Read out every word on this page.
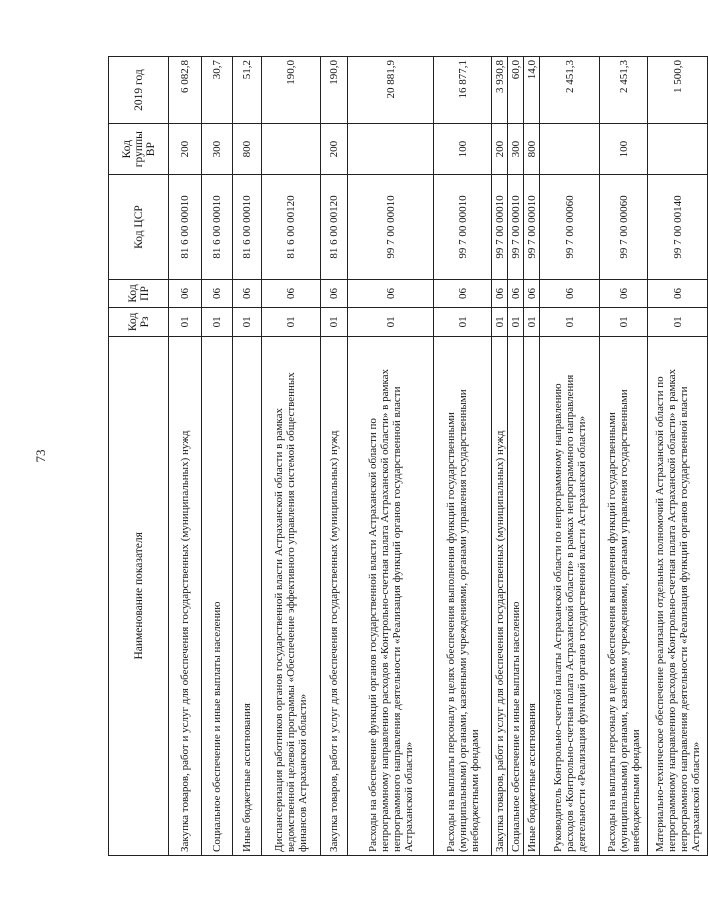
73
Наименование показателя	Код Рз	Код ПР	Код ЦСР	Код группы ВР	2019 год
Закупка товаров, работ и услуг для обеспечения государственных (муниципальных) нужд	01	06	81 6 00 00010	200	6 082,8
Социальное обеспечение и иные выплаты населению	01	06	81 6 00 00010	300	30,7
Иные бюджетные ассигнования	01	06	81 6 00 00010	800	51,2
Диспансеризация работников органов государственной власти Астраханской области в рамках ведомственной целевой программы «Обеспечение эффективного управления системой общественных финансов Астраханской области»	01	06	81 6 00 00120		190,0
Закупка товаров, работ и услуг для обеспечения государственных (муниципальных) нужд	01	06	81 6 00 00120	200	190,0
Расходы на обеспечение функций органов государственной власти Астраханской области по непрограммному направлению расходов «Контрольно-счетная палата Астраханской области» в рамках непрограммного направления деятельности «Реализация функций органов государственной власти Астраханской области»	01	06	99 7 00 00010		20 881,9
Расходы на выплаты персоналу в целях обеспечения выполнения функций государственными (муниципальными) органами, казенными учреждениями, органами управления государственными внебюджетными фондами	01	06	99 7 00 00010	100	16 877,1
Закупка товаров, работ и услуг для обеспечения государственных (муниципальных) нужд	01	06	99 7 00 00010	200	3 930,8
Социальное обеспечение и иные выплаты населению	01	06	99 7 00 00010	300	60,0
Иные бюджетные ассигнования	01	06	99 7 00 00010	800	14,0
Руководитель Контрольно-счетной палаты Астраханской области по непрограммному направлению расходов «Контрольно-счетная палата Астраханской области» в рамках непрограммного направления деятельности «Реализация функций органов государственной власти Астраханской области»	01	06	99 7 00 00060		2 451,3
Расходы на выплаты персоналу в целях обеспечения выполнения функций государственными (муниципальными) органами, казенными учреждениями, органами управления государственными внебюджетными фондами	01	06	99 7 00 00060	100	2 451,3
Материально-техническое обеспечение реализации отдельных полномочий Астраханской области по непрограммному направлению расходов «Контрольно-счетная палата Астраханской области» в рамках непрограммного направления деятельности «Реализация функций органов государственной власти Астраханской области»	01	06	99 7 00 00140		1 500,0
